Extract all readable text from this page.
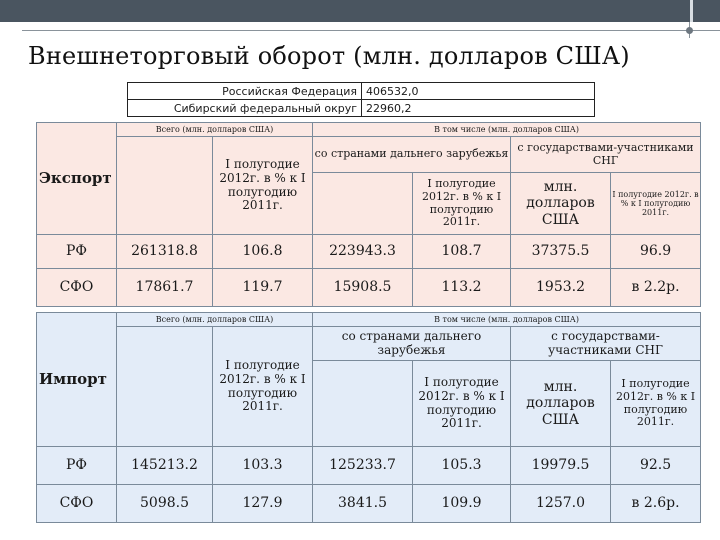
Внешнеторговый оборот (млн. долларов США)
Российская Федерация	406532,0
Сибирский федеральный округ	22960,2
Экспорт	Всего (млн. долларов США)		В том числе (млн. долларов США)			
		I полугодие 2012г. в % к I полугодию 2011г.	со странами дальнего зарубежья		с государствами-участниками СНГ	
				I полугодие 2012г. в % к I полугодию 2011г.	млн. долларов США	I полугодие 2012г. в % к I полугодию 2011г.
РФ	261318.8	106.8	223943.3	108.7	37375.5	96.9
СФО	17861.7	119.7	15908.5	113.2	1953.2	в 2.2р.
Импорт	Всего (млн. долларов США)		В том числе (млн. долларов США)			
		I полугодие 2012г. в % к I полугодию 2011г.	со странами дальнего зарубежья		с государствами-участниками СНГ	
				I полугодие 2012г. в % к I полугодию 2011г.	млн. долларов США	I полугодие 2012г. в % к I полугодию 2011г.
РФ	145213.2	103.3	125233.7	105.3	19979.5	92.5
СФО	5098.5	127.9	3841.5	109.9	1257.0	в 2.6р.
